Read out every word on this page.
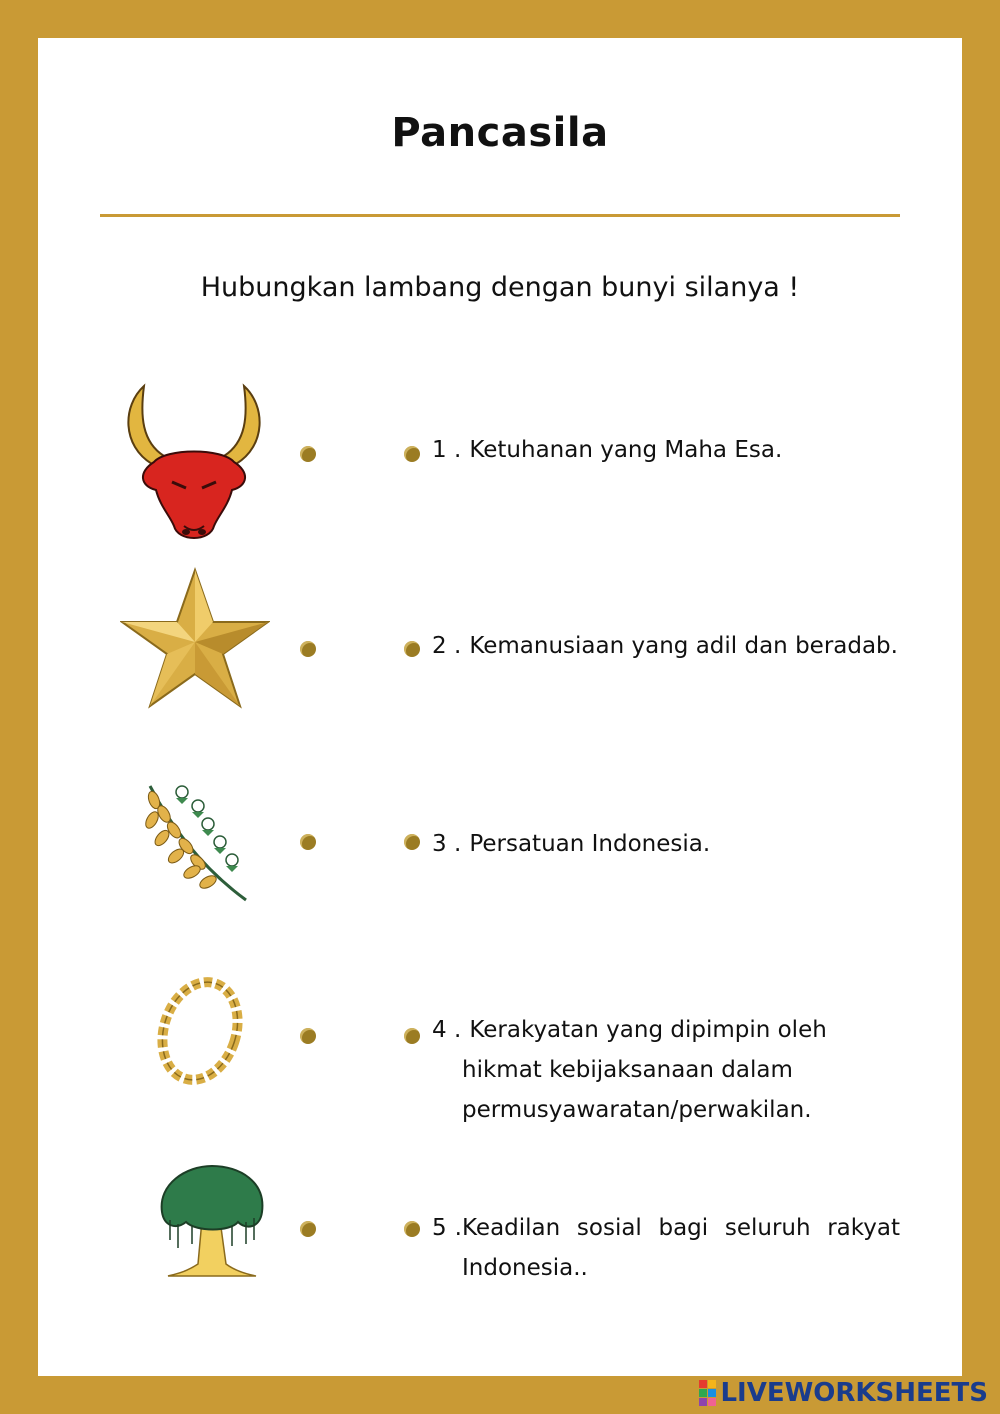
Pancasila
Hubungkan lambang dengan bunyi silanya !
1 . Ketuhanan yang Maha Esa.
2 . Kemanusiaan yang adil dan beradab.
3 . Persatuan Indonesia.
4 . Kerakyatan yang dipimpin oleh
hikmat kebijaksanaan dalam
permusyawaratan/perwakilan.
5 .Keadilan sosial bagi seluruh rakyat
Indonesia..
LIVEWORKSHEETS
